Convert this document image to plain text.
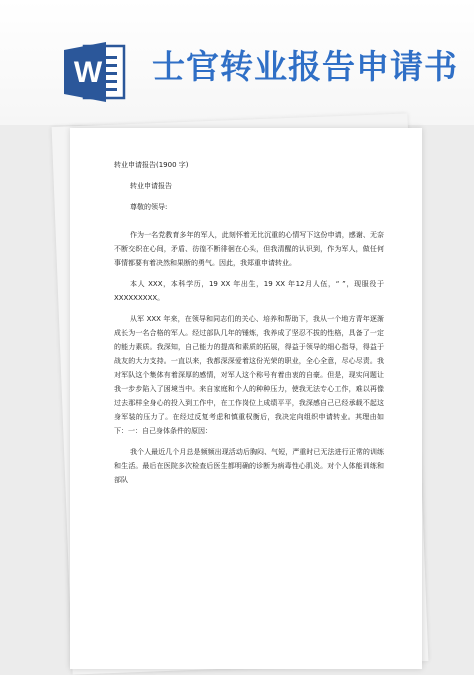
W 士官转业报告申请书

转业申请报告(1900 字)

转业申请报告

尊敬的领导:

作为一名党教育多年的军人，此刻怀着无比沉重的心情写下这份申请，感谢、无奈不断交织在心间，矛盾、彷徨不断徘徊在心头，但我清醒的认识到，作为军人，做任何事情都要有着决然和果断的勇气。因此，我郑重申请转业。

本人 XXX，本科学历，19 XX 年出生，19 XX 年12月人伍，“ ”，现服役于XXXXXXXXX。

从军 XXX 年来，在领导和同志们的关心、培养和帮助下，我从一个地方青年逐渐成长为一名合格的军人。经过部队几年的锤炼，我养成了坚忍不拔的性格，具备了一定的能力素质。我深知，自己能力的提高和素质的拓展，得益于领导的细心指导，得益于战友的大力支持。一直以来，我都深深爱着这份光荣的职业，全心全意，尽心尽责。我对军队这个集体有着深厚的感情，对军人这个称号有着由衷的自豪。但是，现实问题让我一步步陷入了困境当中。来自家庭和个人的种种压力，使我无法专心工作，难以再像过去那样全身心的投入到工作中，在工作岗位上成绩平平，我深感自己已经承载不起这身军装的压力了。在经过反复考虑和慎重权衡后，我决定向组织申请转业。其理由如下：一：自己身体条件的原因：

我个人最近几个月总是频频出现活动后胸闷、气短，严重时已无法进行正常的训练和生活。最后在医院多次检查后医生都明确的诊断为病毒性心肌炎。对个人体能训练和部队
